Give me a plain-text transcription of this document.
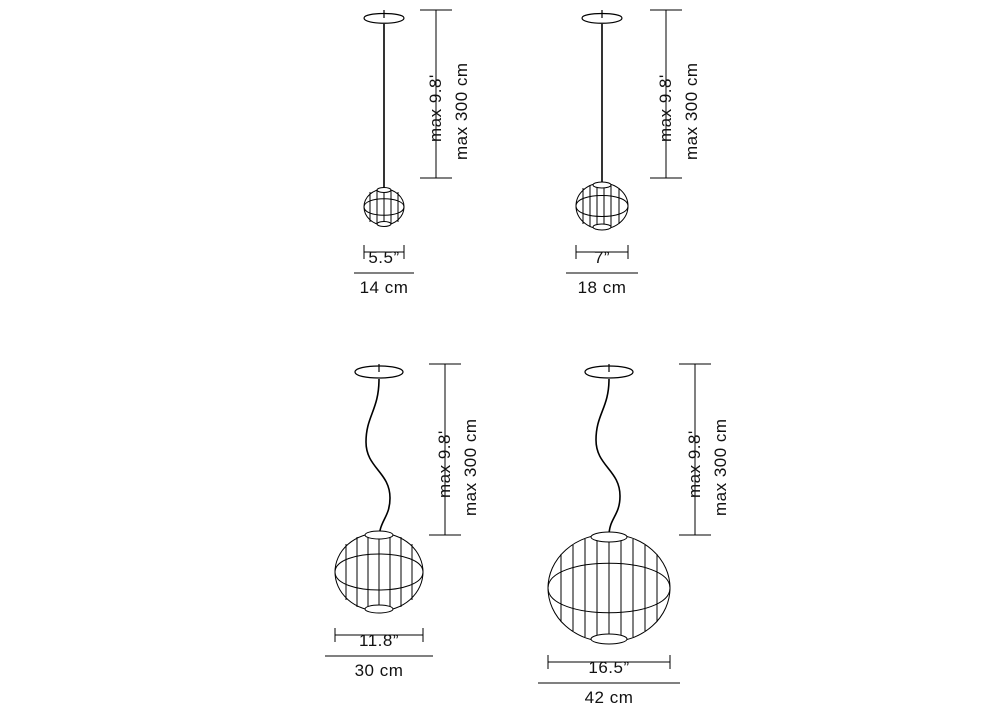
max 9.8' max 300 cm
5.5”
14 cm
max 9.8' max 300 cm
7”
18 cm
max 9.8' max 300 cm
11.8”
30 cm
max 9.8' max 300 cm
16.5”
42 cm
